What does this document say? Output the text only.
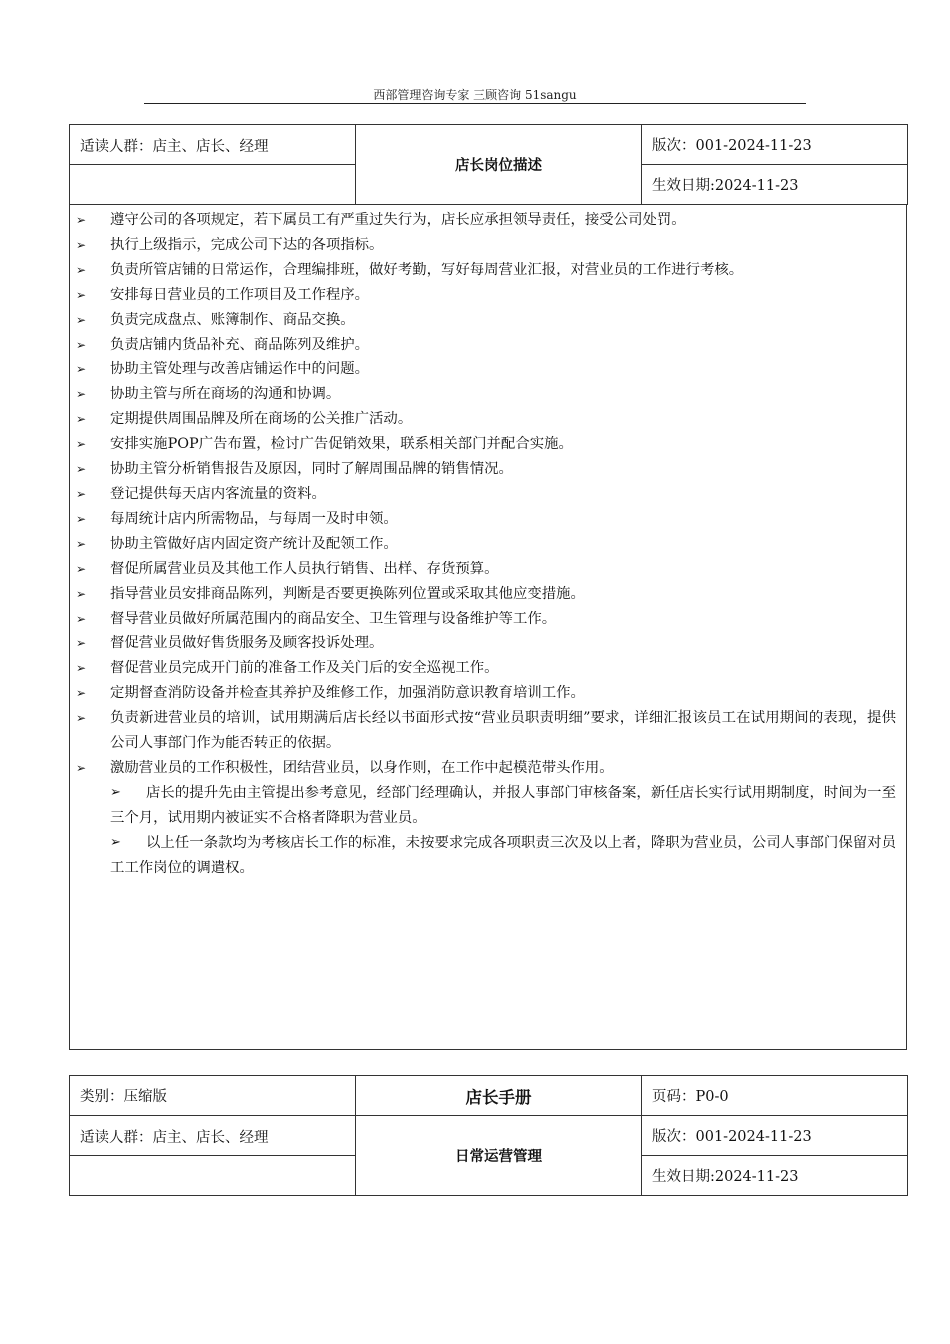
西部管理咨询专家 三顾咨询 51sangu
适读人群：店主、店长、经理	店长岗位描述	版次：001-2024-11-23
		生效日期:2024-11-23
➢ 遵守公司的各项规定，若下属员工有严重过失行为，店长应承担领导责任，接受公司处罚。
➢ 执行上级指示，完成公司下达的各项指标。
➢ 负责所管店铺的日常运作，合理编排班，做好考勤，写好每周营业汇报，对营业员的工作进行考核。
➢ 安排每日营业员的工作项目及工作程序。
➢ 负责完成盘点、账簿制作、商品交换。
➢ 负责店铺内货品补充、商品陈列及维护。
➢ 协助主管处理与改善店铺运作中的问题。
➢ 协助主管与所在商场的沟通和协调。
➢ 定期提供周围品牌及所在商场的公关推广活动。
➢ 安排实施POP广告布置，检讨广告促销效果，联系相关部门并配合实施。
➢ 协助主管分析销售报告及原因，同时了解周围品牌的销售情况。
➢ 登记提供每天店内客流量的资料。
➢ 每周统计店内所需物品，与每周一及时申领。
➢ 协助主管做好店内固定资产统计及配领工作。
➢ 督促所属营业员及其他工作人员执行销售、出样、存货预算。
➢ 指导营业员安排商品陈列，判断是否要更换陈列位置或采取其他应变措施。
➢ 督导营业员做好所属范围内的商品安全、卫生管理与设备维护等工作。
➢ 督促营业员做好售货服务及顾客投诉处理。
➢ 督促营业员完成开门前的准备工作及关门后的安全巡视工作。
➢ 定期督查消防设备并检查其养护及维修工作，加强消防意识教育培训工作。
➢ 负责新进营业员的培训，试用期满后店长经以书面形式按“营业员职责明细”要求，详细汇报该员工在试用期间的表现，提供公司人事部门作为能否转正的依据。
➢ 激励营业员的工作积极性，团结营业员，以身作则，在工作中起模范带头作用。

➢	店长的提升先由主管提出参考意见，经部门经理确认，并报人事部门审核备案，新任店长实行试用期制度，时间为一至三个月，试用期内被证实不合格者降职为营业员。

➢	以上任一条款均为考核店长工作的标准，未按要求完成各项职责三次及以上者，降职为营业员，公司人事部门保留对员工工作岗位的调遣权。

类别：压缩版	店长手册	页码：P0-0
适读人群：店主、店长、经理	日常运营管理	版次：001-2024-11-23
		生效日期:2024-11-23
